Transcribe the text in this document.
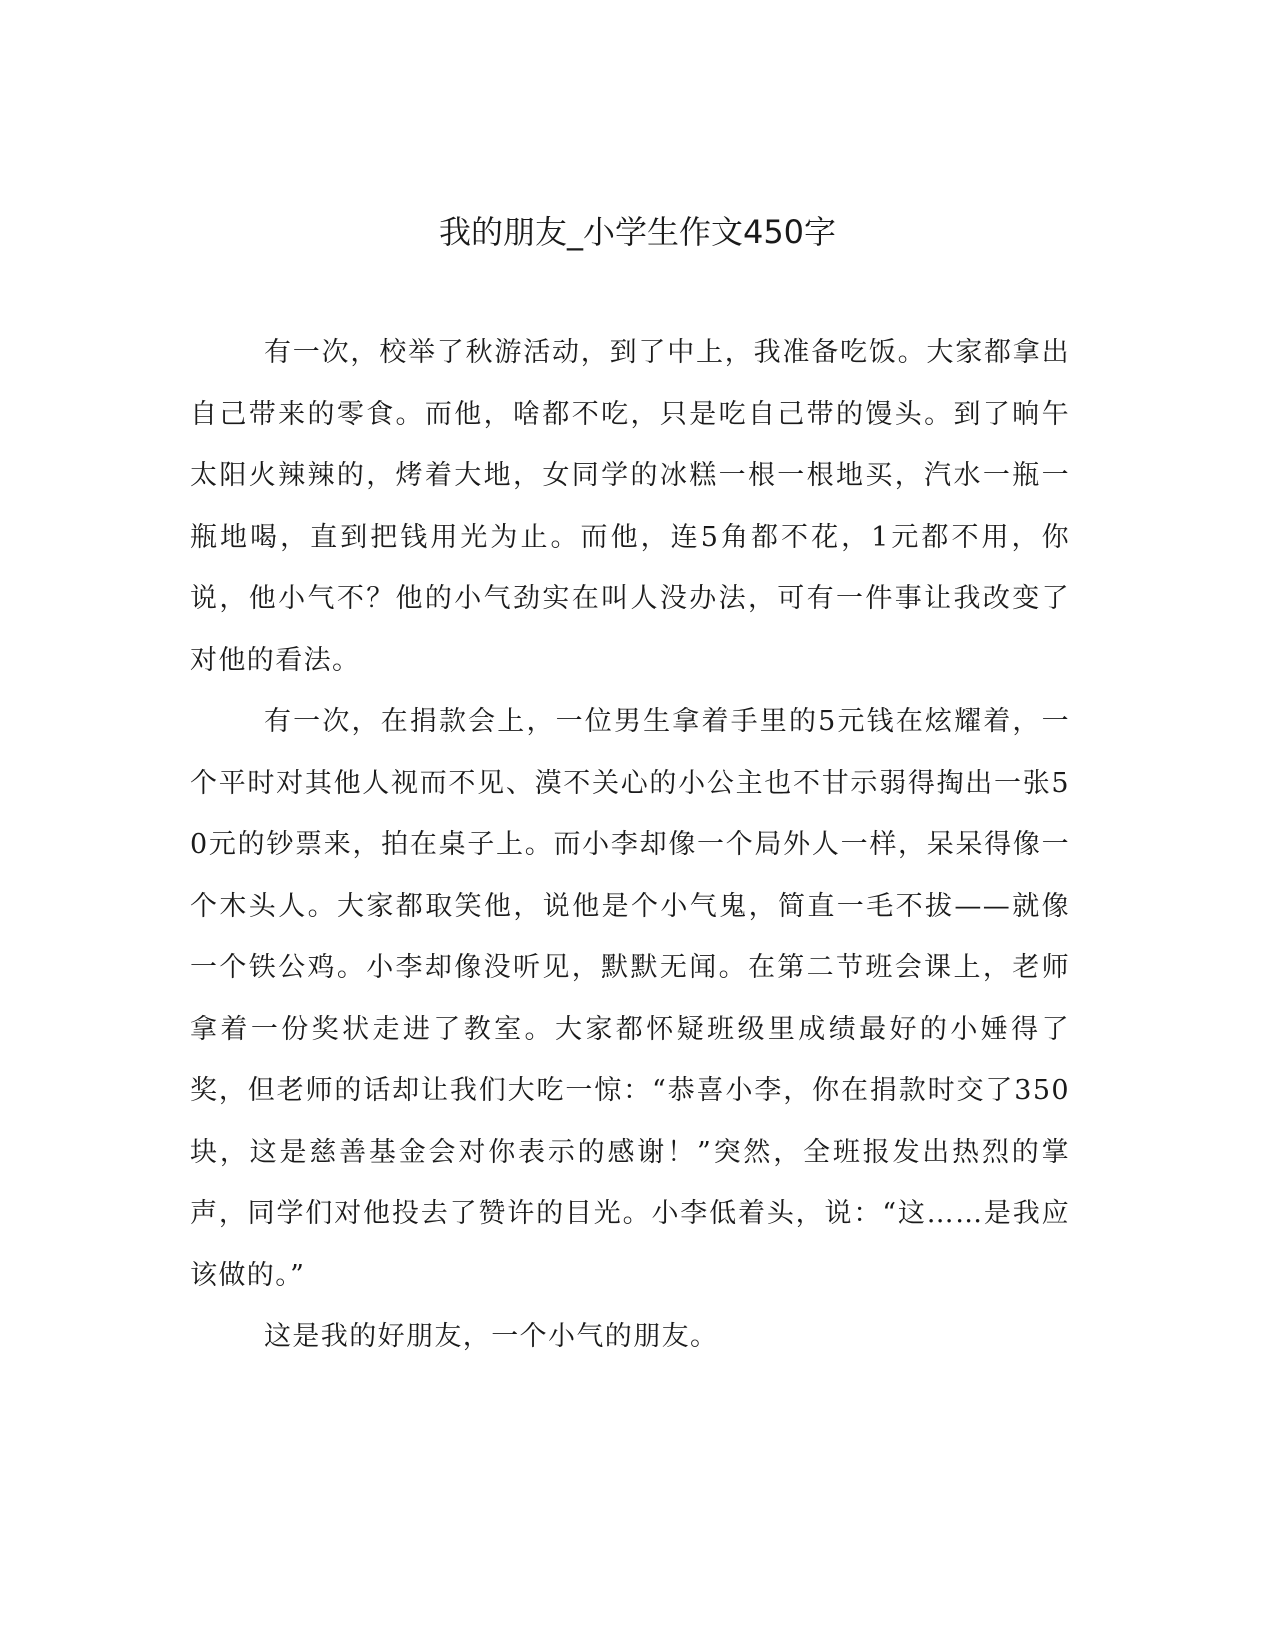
我的朋友_小学生作文450字

有一次，校举了秋游活动，到了中上，我准备吃饭。大家都拿出自己带来的零食。而他，啥都不吃，只是吃自己带的馒头。到了晌午太阳火辣辣的，烤着大地，女同学的冰糕一根一根地买，汽水一瓶一瓶地喝，直到把钱用光为止。而他，连5角都不花，1元都不用，你说，他小气不？他的小气劲实在叫人没办法，可有一件事让我改变了对他的看法。

有一次，在捐款会上，一位男生拿着手里的5元钱在炫耀着，一个平时对其他人视而不见、漠不关心的小公主也不甘示弱得掏出一张50元的钞票来，拍在桌子上。而小李却像一个局外人一样，呆呆得像一个木头人。大家都取笑他，说他是个小气鬼，简直一毛不拔——就像一个铁公鸡。小李却像没听见，默默无闻。在第二节班会课上，老师拿着一份奖状走进了教室。大家都怀疑班级里成绩最好的小娷得了奖，但老师的话却让我们大吃一惊：“恭喜小李，你在捐款时交了350块，这是慈善基金会对你表示的感谢！”突然，全班报发出热烈的掌声，同学们对他投去了赞许的目光。小李低着头，说：“这……是我应该做的。”

这是我的好朋友，一个小气的朋友。
